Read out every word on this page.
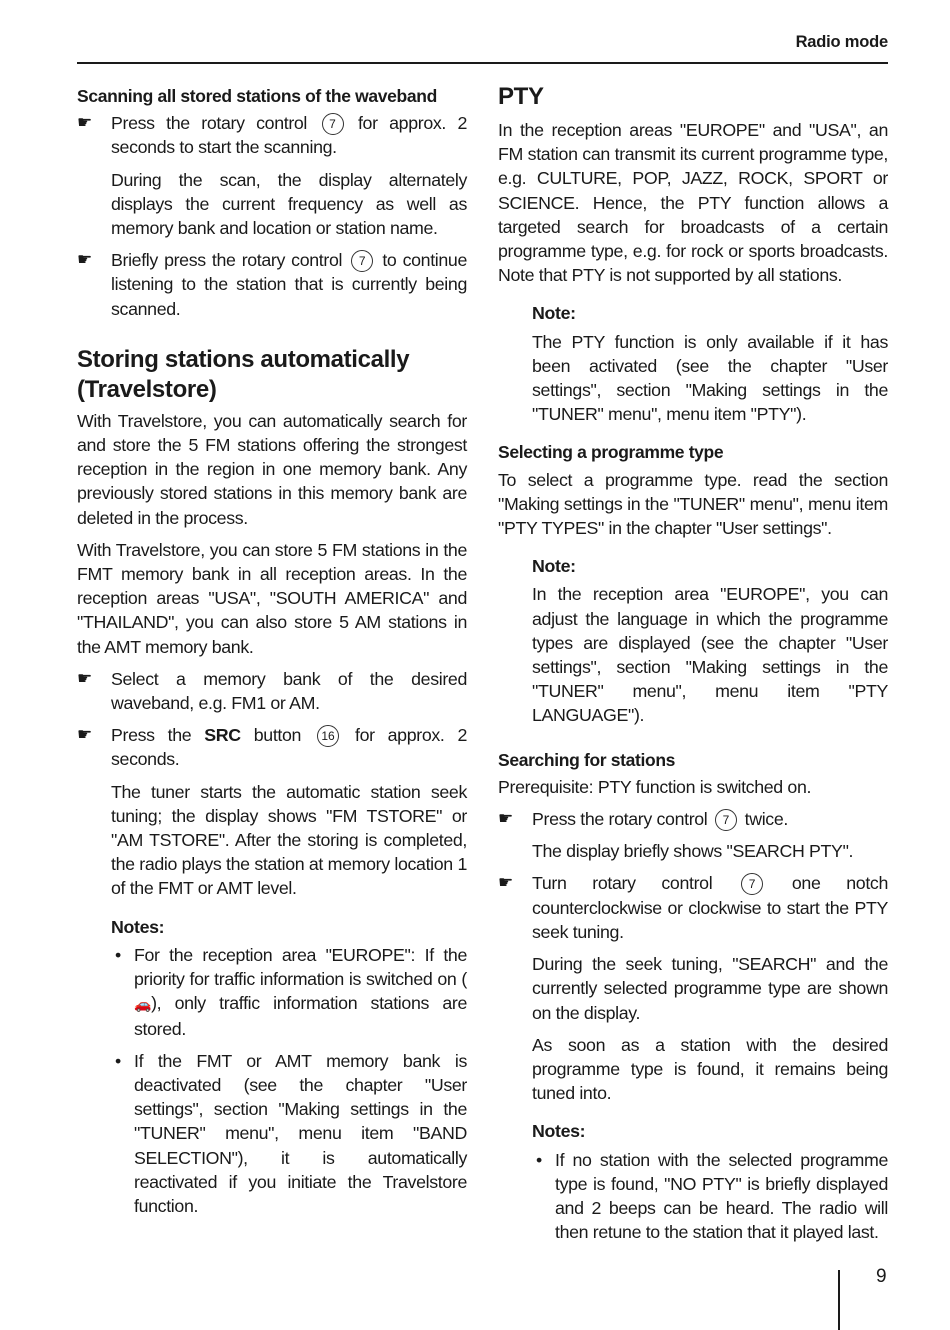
Radio mode

Scanning all stored stations of the waveband

☛ Press the rotary control 7 for approx. 2 seconds to start the scanning.

During the scan, the display alternately displays the current frequency as well as memory bank and location or station name.

☛ Briefly press the rotary control 7 to continue listening to the station that is currently being scanned.

Storing stations automatically (Travelstore)

With Travelstore, you can automatically search for and store the 5 FM stations offering the strongest reception in the region in one memory bank. Any previously stored stations in this memory bank are deleted in the process.

With Travelstore, you can store 5 FM stations in the FMT memory bank in all reception areas. In the reception areas "USA", "SOUTH AMERICA" and "THAILAND", you can also store 5 AM stations in the AMT memory bank.

☛ Select a memory bank of the desired waveband, e.g. FM1 or AM.

☛ Press the SRC button 16 for approx. 2 seconds.

The tuner starts the automatic station seek tuning; the display shows "FM TSTORE" or "AM TSTORE". After the storing is completed, the radio plays the station at memory location 1 of the FMT or AMT level.

Notes:

• For the reception area "EUROPE": If the priority for traffic information is switched on (🚗), only traffic information stations are stored.

• If the FMT or AMT memory bank is deactivated (see the chapter "User settings", section "Making settings in the "TUNER" menu", menu item "BAND SELECTION"), it is automatically reactivated if you initiate the Travelstore function.

PTY

In the reception areas "EUROPE" and "USA", an FM station can transmit its current programme type, e.g. CULTURE, POP, JAZZ, ROCK, SPORT or SCIENCE. Hence, the PTY function allows a targeted search for broadcasts of a certain programme type, e.g. for rock or sports broadcasts. Note that PTY is not supported by all stations.

Note:

The PTY function is only available if it has been activated (see the chapter "User settings", section "Making settings in the "TUNER" menu", menu item "PTY").

Selecting a programme type

To select a programme type. read the section "Making settings in the "TUNER" menu", menu item "PTY TYPES" in the chapter "User settings".

Note:

In the reception area "EUROPE", you can adjust the language in which the programme types are displayed (see the chapter "User settings", section "Making settings in the "TUNER" menu", menu item "PTY LANGUAGE").

Searching for stations

Prerequisite: PTY function is switched on.

☛ Press the rotary control 7 twice.

The display briefly shows "SEARCH PTY".

☛ Turn rotary control	7 one notch counterclockwise or clockwise to start the PTY seek tuning.

During the seek tuning, "SEARCH" and the currently selected programme type are shown on the display.

As soon as a station with the desired programme type is found, it remains being tuned into.

Notes:

• If no station with the selected programme type is found, "NO PTY" is briefly displayed and 2 beeps can be heard. The radio will then retune to the station that it played last.

9
